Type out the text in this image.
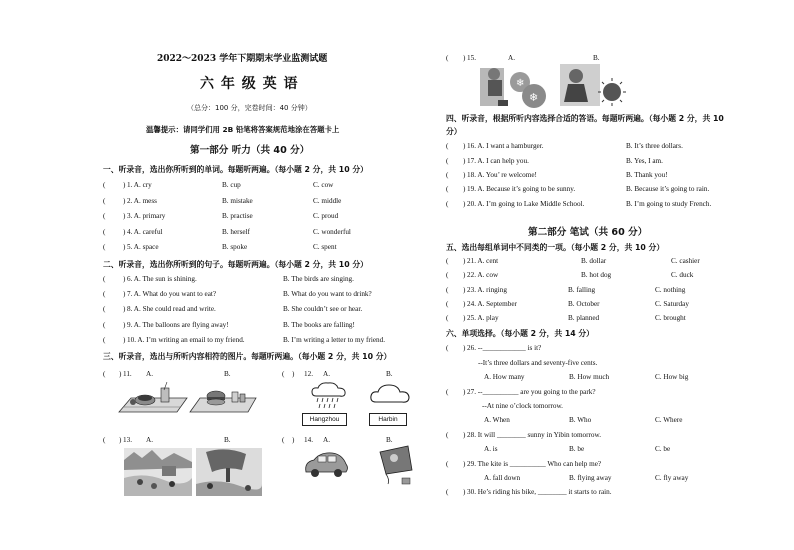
2022～2023 学年下期期末学业监测试题
六 年 级 英 语
（总分：100 分，完卷时间：40 分钟）
温馨提示：请同学们用 2B 铅笔将答案规范地涂在答题卡上
第一部分 听力（共 40 分）
一、听录音，选出你所听到的单词。每题听两遍。（每小题 2 分，共 10 分）
( ) 1. A. cry	B. cup	C. cow
( ) 2. A. mess	B. mistake	C. middle
( ) 3. A. primary	B. practise	C. proud
( ) 4. A. careful	B. herself	C. wonderful
( ) 5. A. space	B. spoke	C. spent
二、听录音，选出你所听到的句子。每题听两遍。（每小题 2 分，共 10 分）
( ) 6. A. The sun is shining.	B. The birds are singing.
( ) 7. A. What do you want to eat?	B. What do you want to drink?
( ) 8. A. She could read and write.	B. She couldn’t see or hear.
( ) 9. A. The balloons are flying away!	B. The books are falling!
( ) 10. A. I’m writing an email to my friend.	B. I’m writing a letter to my friend.
三、听录音，选出与所听内容相符的图片。每题听两遍。（每小题 2 分，共 10 分）
( ) 11. A.	B.	( ) 12. A.	B.
Hangzhou	Harbin
( ) 13. A.	B.	( ) 14. A.	B.
( ) 15.	A.	B.
❄
❄
四、听录音，根据所听内容选择合适的答语。每题听两遍。（每小题 2 分，共 10
分）
( ) 16. A. I want a hamburger.	B. It’s three dollars.
( ) 17. A. I can help you.	B. Yes, I am.
( ) 18. A. You’ re welcome!	B. Thank you!
( ) 19. A. Because it’s going to be sunny.	B. Because it’s going to rain.
( ) 20. A. I’m going to Lake Middle School.	B. I’m going to study French.
第二部分 笔试（共 60 分）
五、选出每组单词中不同类的一项。（每小题 2 分，共 10 分）
( ) 21. A. cent	B. dollar	C. cashier
( ) 22. A. cow	B. hot dog	C. duck
( ) 23. A. ringing	B. falling	C. nothing
( ) 24. A. September	B. October	C. Saturday
( ) 25. A. play	B. planned	C. brought
六、单项选择。（每小题 2 分，共 14 分）
( ) 26. --____________ is it?
--It’s three dollars and seventy-five cents.
A. How many	B. How much	C. How big
( ) 27. --__________ are you going to the park?
--At nine o’clock tomorrow.
A. When	B. Who	C. Where
( ) 28. It will ________ sunny in Yibin tomorrow.
A. is	B. be	C. be
( ) 29. The kite is __________ Who can help me?
A. fall down	B. flying away	C. fly away
( ) 30. He’s riding his bike, ________ it starts to rain.
